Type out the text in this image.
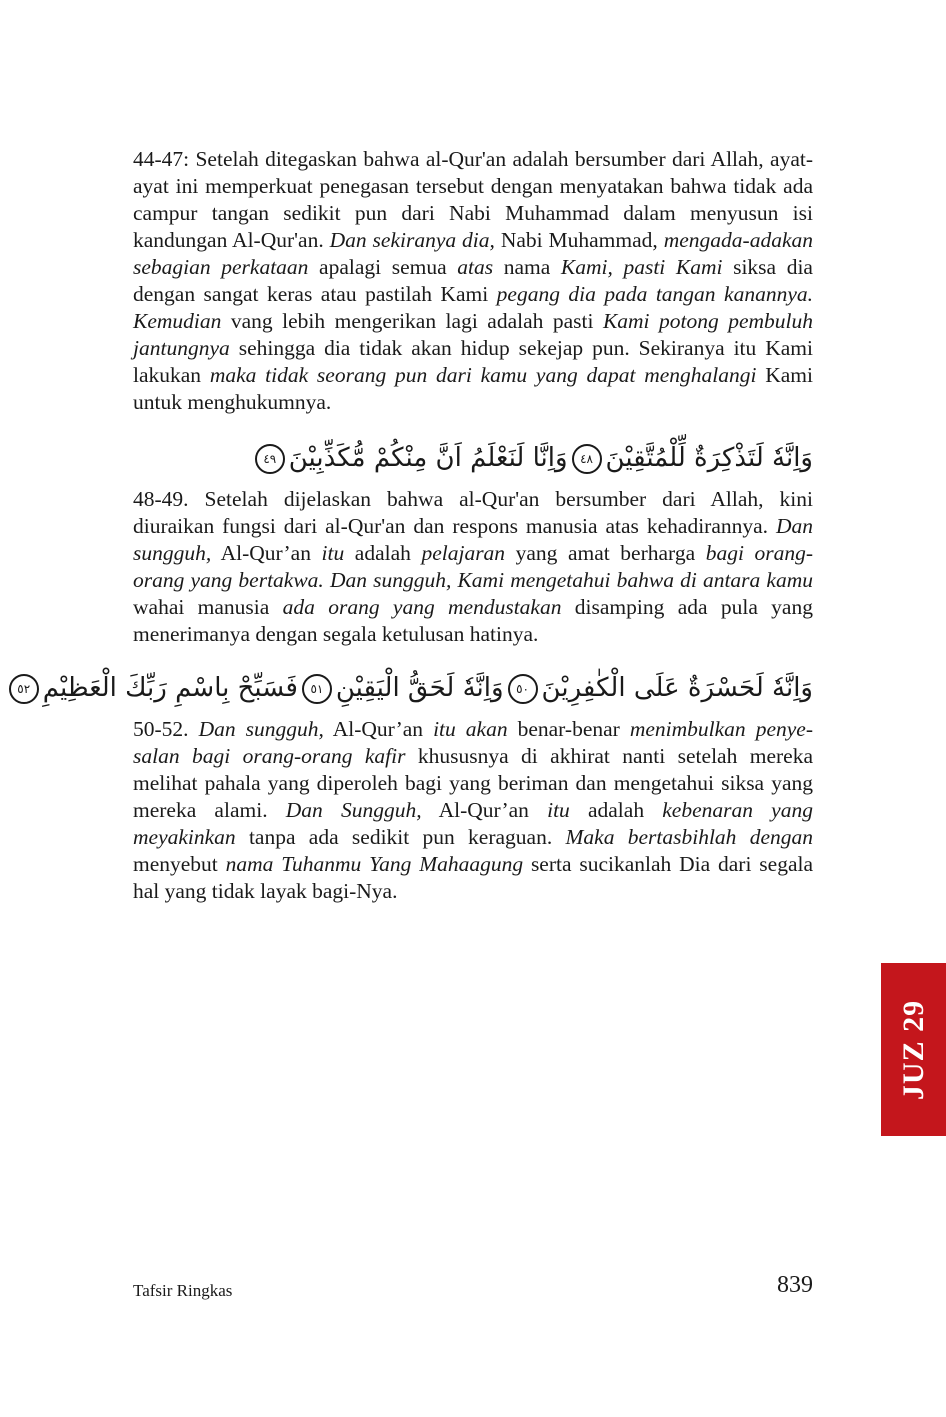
44-47: Setelah ditegaskan bahwa al-Qur'an adalah bersumber dari Allah, ayat-ayat ini memperkuat penegasan tersebut dengan menyatakan bahwa tidak ada campur tangan sedikit pun dari Nabi Muhammad dalam menyusun isi kandungan Al-Qur'an. Dan sekiranya dia, Nabi Muhammad, mengada-adakan sebagian perkataan apalagi semua atas nama Kami, pasti Kami siksa dia dengan sangat keras atau pastilah Kami pegang dia pada tangan kanannya. Kemudian vang lebih mengerikan lagi adalah pasti Kami potong pembuluh jantungnya sehingga dia tidak akan hidup sekejap pun. Sekiranya itu Kami lakukan maka tidak seorang pun dari kamu yang dapat menghalangi Kami untuk menghukumnya.
وَاِنَّهٗ لَتَذْكِرَةٌ لِّلْمُتَّقِيْنَ٤٨وَاِنَّا لَنَعْلَمُ اَنَّ مِنْكُمْ مُّكَذِّبِيْنَ٤٩
48-49. Setelah dijelaskan bahwa al-Qur'an bersumber dari Allah, kini diuraikan fungsi dari al-Qur'an dan respons manusia atas kehadirannya. Dan sungguh, Al-Qur’an itu adalah pelajaran yang amat berharga bagi orang-orang yang bertakwa. Dan sungguh, Kami mengetahui bahwa di antara kamu wahai manusia ada orang yang mendustakan disamping ada pula yang menerimanya dengan segala ketulusan hatinya.
وَاِنَّهٗ لَحَسْرَةٌ عَلَى الْكٰفِرِيْنَ٥٠وَاِنَّهٗ لَحَقُّ الْيَقِيْنِ٥١فَسَبِّحْ بِاسْمِ رَبِّكَ الْعَظِيْمِ٥٢
50-52. Dan sungguh, Al-Qur’an itu akan benar-benar menimbulkan penyesalan bagi orang-orang kafir khususnya di akhirat nanti setelah mereka melihat pahala yang diperoleh bagi yang beriman dan mengetahui siksa yang mereka alami. Dan Sungguh, Al-Qur’an itu adalah kebenaran yang meyakinkan tanpa ada sedikit pun keraguan. Maka bertasbihlah dengan menyebut nama Tuhanmu Yang Mahaagung serta sucikanlah Dia dari segala hal yang tidak layak bagi-Nya.
JUZ 29
Tafsir Ringkas	839
